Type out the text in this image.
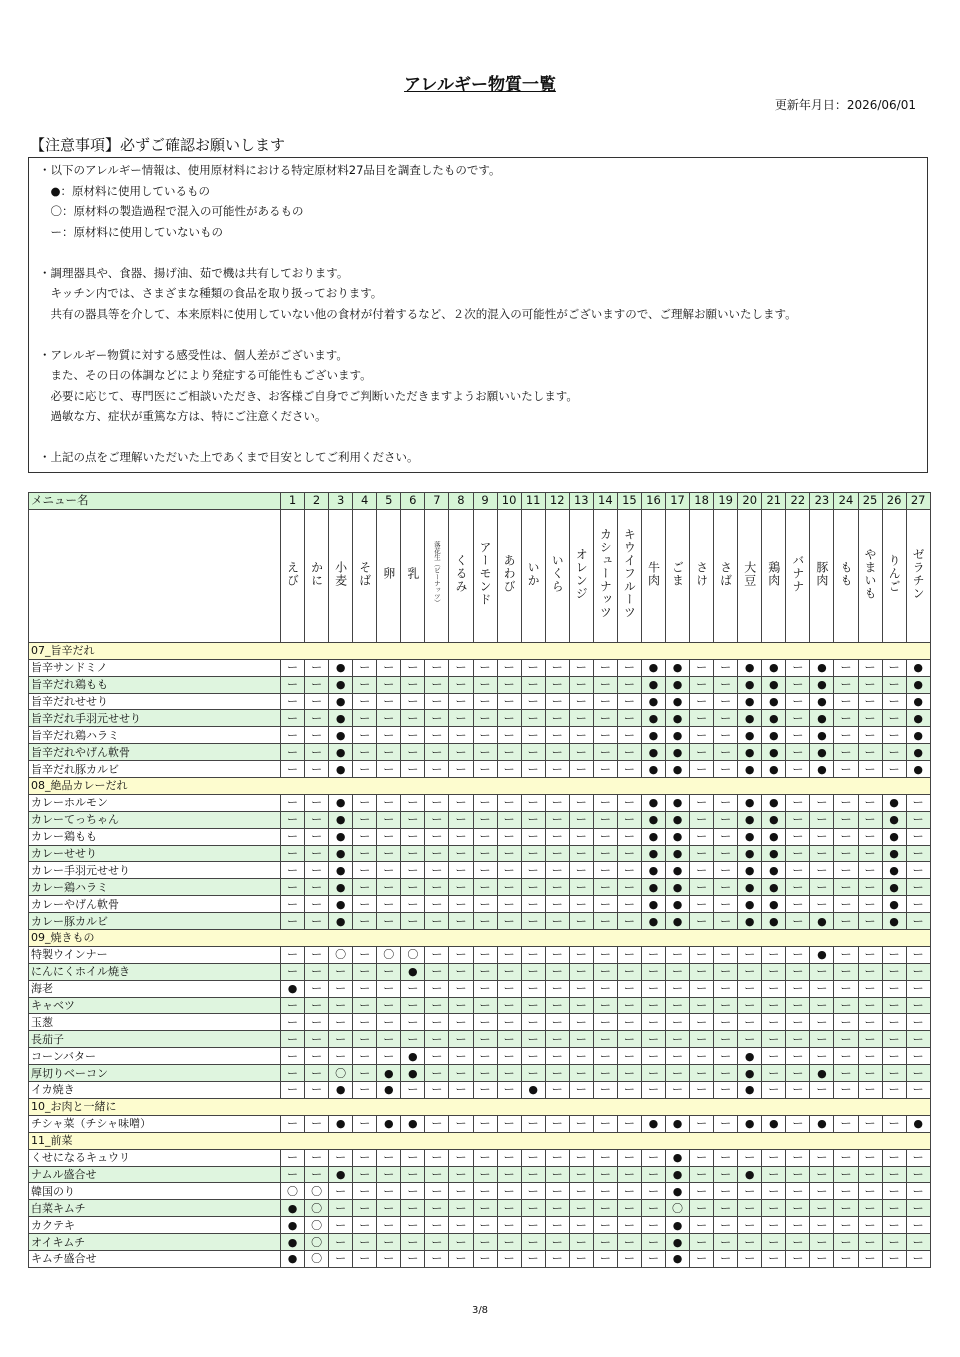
アレルギー物質一覧
更新年月日：2026/06/01
【注意事項】必ずご確認お願いします
・以下のアレルギー情報は、使用原材料における特定原材料27品目を調査したものです。
　●：原材料に使用しているもの
　〇：原材料の製造過程で混入の可能性があるもの
　ー：原材料に使用していないもの
・調理器具や、食器、揚げ油、茹で機は共有しております。
　キッチン内では、さまざまな種類の食品を取り扱っております。
　共有の器具等を介して、本来原料に使用していない他の食材が付着するなど、２次的混入の可能性がございますので、ご理解お願いいたします。
・アレルギー物質に対する感受性は、個人差がございます。
　また、その日の体調などにより発症する可能性もございます。
　必要に応じて、専門医にご相談いただき、お客様ご自身でご判断いただきますようお願いいたします。
　過敏な方、症状が重篤な方は、特にご注意ください。
・上記の点をご理解いただいた上であくまで目安としてご利用ください。
メニュー名	1	2	3	4	5	6	7	8	9	10	11	12	13	14	15	16	17	18	19	20	21	22	23	24	25	26	27
	えび	かに	小麦	そば	卵	乳	落花生（ピーナッツ）	くるみ	アーモンド	あわび	いか	いくら	オレンジ	カシューナッツ	キウイフルーツ	牛肉	ごま	さけ	さば	大豆	鶏肉	バナナ	豚肉	もも	やまいも	りんご	ゼラチン
07_旨辛だれ																											
旨辛サンドミノ	ー	ー	●	ー	ー	ー	ー	ー	ー	ー	ー	ー	ー	ー	ー	●	●	ー	ー	●	●	ー	●	ー	ー	ー	●
旨辛だれ鶏もも	ー	ー	●	ー	ー	ー	ー	ー	ー	ー	ー	ー	ー	ー	ー	●	●	ー	ー	●	●	ー	●	ー	ー	ー	●
旨辛だれせせり	ー	ー	●	ー	ー	ー	ー	ー	ー	ー	ー	ー	ー	ー	ー	●	●	ー	ー	●	●	ー	●	ー	ー	ー	●
旨辛だれ手羽元せせり	ー	ー	●	ー	ー	ー	ー	ー	ー	ー	ー	ー	ー	ー	ー	●	●	ー	ー	●	●	ー	●	ー	ー	ー	●
旨辛だれ鶏ハラミ	ー	ー	●	ー	ー	ー	ー	ー	ー	ー	ー	ー	ー	ー	ー	●	●	ー	ー	●	●	ー	●	ー	ー	ー	●
旨辛だれやげん軟骨	ー	ー	●	ー	ー	ー	ー	ー	ー	ー	ー	ー	ー	ー	ー	●	●	ー	ー	●	●	ー	●	ー	ー	ー	●
旨辛だれ豚カルビ	ー	ー	●	ー	ー	ー	ー	ー	ー	ー	ー	ー	ー	ー	ー	●	●	ー	ー	●	●	ー	●	ー	ー	ー	●
08_絶品カレーだれ																											
カレーホルモン	ー	ー	●	ー	ー	ー	ー	ー	ー	ー	ー	ー	ー	ー	ー	●	●	ー	ー	●	●	ー	ー	ー	ー	●	ー
カレーてっちゃん	ー	ー	●	ー	ー	ー	ー	ー	ー	ー	ー	ー	ー	ー	ー	●	●	ー	ー	●	●	ー	ー	ー	ー	●	ー
カレー鶏もも	ー	ー	●	ー	ー	ー	ー	ー	ー	ー	ー	ー	ー	ー	ー	●	●	ー	ー	●	●	ー	ー	ー	ー	●	ー
カレーせせり	ー	ー	●	ー	ー	ー	ー	ー	ー	ー	ー	ー	ー	ー	ー	●	●	ー	ー	●	●	ー	ー	ー	ー	●	ー
カレー手羽元せせり	ー	ー	●	ー	ー	ー	ー	ー	ー	ー	ー	ー	ー	ー	ー	●	●	ー	ー	●	●	ー	ー	ー	ー	●	ー
カレー鶏ハラミ	ー	ー	●	ー	ー	ー	ー	ー	ー	ー	ー	ー	ー	ー	ー	●	●	ー	ー	●	●	ー	ー	ー	ー	●	ー
カレーやげん軟骨	ー	ー	●	ー	ー	ー	ー	ー	ー	ー	ー	ー	ー	ー	ー	●	●	ー	ー	●	●	ー	ー	ー	ー	●	ー
カレー豚カルビ	ー	ー	●	ー	ー	ー	ー	ー	ー	ー	ー	ー	ー	ー	ー	●	●	ー	ー	●	●	ー	●	ー	ー	●	ー
09_焼きもの																											
特製ウインナー	ー	ー	〇	ー	〇	〇	ー	ー	ー	ー	ー	ー	ー	ー	ー	ー	ー	ー	ー	ー	ー	ー	●	ー	ー	ー	ー
にんにくホイル焼き	ー	ー	ー	ー	ー	●	ー	ー	ー	ー	ー	ー	ー	ー	ー	ー	ー	ー	ー	ー	ー	ー	ー	ー	ー	ー	ー
海老	●	ー	ー	ー	ー	ー	ー	ー	ー	ー	ー	ー	ー	ー	ー	ー	ー	ー	ー	ー	ー	ー	ー	ー	ー	ー	ー
キャベツ	ー	ー	ー	ー	ー	ー	ー	ー	ー	ー	ー	ー	ー	ー	ー	ー	ー	ー	ー	ー	ー	ー	ー	ー	ー	ー	ー
玉葱	ー	ー	ー	ー	ー	ー	ー	ー	ー	ー	ー	ー	ー	ー	ー	ー	ー	ー	ー	ー	ー	ー	ー	ー	ー	ー	ー
長茄子	ー	ー	ー	ー	ー	ー	ー	ー	ー	ー	ー	ー	ー	ー	ー	ー	ー	ー	ー	ー	ー	ー	ー	ー	ー	ー	ー
コーンバター	ー	ー	ー	ー	ー	●	ー	ー	ー	ー	ー	ー	ー	ー	ー	ー	ー	ー	ー	●	ー	ー	ー	ー	ー	ー	ー
厚切りベーコン	ー	ー	〇	ー	●	●	ー	ー	ー	ー	ー	ー	ー	ー	ー	ー	ー	ー	ー	●	ー	ー	●	ー	ー	ー	ー
イカ焼き	ー	ー	●	ー	●	ー	ー	ー	ー	ー	●	ー	ー	ー	ー	ー	ー	ー	ー	●	ー	ー	ー	ー	ー	ー	ー
10_お肉と一緒に																											
チシャ菜（チシャ味噌）	ー	ー	●	ー	●	●	ー	ー	ー	ー	ー	ー	ー	ー	ー	●	●	ー	ー	●	●	ー	●	ー	ー	ー	●
11_前菜																											
くせになるキュウリ	ー	ー	ー	ー	ー	ー	ー	ー	ー	ー	ー	ー	ー	ー	ー	ー	●	ー	ー	ー	ー	ー	ー	ー	ー	ー	ー
ナムル盛合せ	ー	ー	●	ー	ー	ー	ー	ー	ー	ー	ー	ー	ー	ー	ー	ー	●	ー	ー	●	ー	ー	ー	ー	ー	ー	ー
韓国のり	〇	〇	ー	ー	ー	ー	ー	ー	ー	ー	ー	ー	ー	ー	ー	ー	●	ー	ー	ー	ー	ー	ー	ー	ー	ー	ー
白菜キムチ	●	〇	ー	ー	ー	ー	ー	ー	ー	ー	ー	ー	ー	ー	ー	ー	〇	ー	ー	ー	ー	ー	ー	ー	ー	ー	ー
カクテキ	●	〇	ー	ー	ー	ー	ー	ー	ー	ー	ー	ー	ー	ー	ー	ー	●	ー	ー	ー	ー	ー	ー	ー	ー	ー	ー
オイキムチ	●	〇	ー	ー	ー	ー	ー	ー	ー	ー	ー	ー	ー	ー	ー	ー	●	ー	ー	ー	ー	ー	ー	ー	ー	ー	ー
キムチ盛合せ	●	〇	ー	ー	ー	ー	ー	ー	ー	ー	ー	ー	ー	ー	ー	ー	●	ー	ー	ー	ー	ー	ー	ー	ー	ー	ー
3/8
